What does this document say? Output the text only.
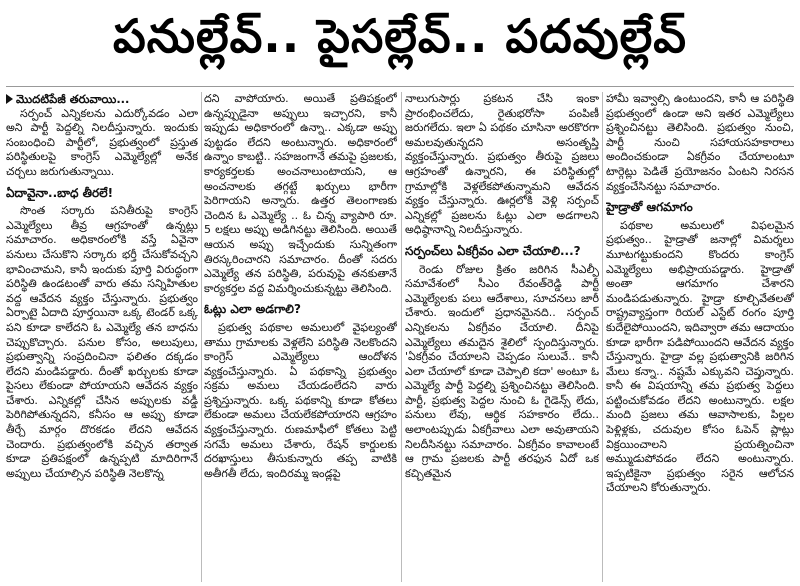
పనుల్లేవ్.. పైసల్లేవ్.. పదవుల్లేవ్
మొదటిపేజీ తరువాయి...

సర్పంచ్ ఎన్నికలను ఎదుర్కోవడం ఎలా అని పార్టీ పెద్దల్ని నిలదీస్తున్నారు. ఇందుకు సంబంధించి పార్టీలో, ప్రభుత్వంలో ప్రస్తుత పరిస్థితులపై కాంగ్రెస్ ఎమ్మెల్యేల్లో అనేక చర్చలు జరుగుతున్నాయి.

ఏదావైనా..బాధ తీరలే!

సొంత సర్కారు పనితీరుపై కాంగ్రెస్ ఎమ్మెల్యేలు తీవ్ర ఆగ్రహంతో ఉన్నట్లు సమాచారం. అధికారంలోకి వస్తే ఏవైనా పనులు చేసుకొని సర్కారు భర్తీ చేసుకోవచ్చని భావించామని, కానీ ఇందుకు పూర్తి విరుద్ధంగా పరిస్థితి ఉండటంతో వారు తమ సన్నిహితుల వద్ద ఆవేదన వ్యక్తం చేస్తున్నారు. ప్రభుత్వం ఏర్పాటై ఏదాది పూర్తయినా ఒక్క టెండర్ ఒక్క పని కూడా కాలేదని ఓ ఎమ్మెల్యే తన బాధను చెప్పుకొచ్చారు. పనుల కోసం, అలుపులు, ప్రభుత్వాన్ని సంప్రదించినా ఫలితం దక్కడం లేదని మండిపడ్డారు. దీంతో ఖర్చులకు కూడా పైసలు లేకుండా పోయాయని ఆవేదన వ్యక్తం చేశారు. ఎన్నికల్లో చేసిన అప్పులకు వడ్డీ పెరిగిపోతున్నదని, కనీసం ఆ అప్పు కూడా తీర్చే మార్గం దొరకడం లేదని ఆవేదన చెందారు. ప్రభుత్వంలోకి వచ్చిన తర్వాత కూడా ప్రతిపక్షంలో ఉన్నప్పటి మాదిరిగానే అప్పులు చేయాల్సిన పరిస్థితి నెలకొన్న

దని వాపోయారు. అయితే ప్రతిపక్షంలో ఉన్నప్పుడైనా అప్పులు ఇచ్చారని, కానీ ఇప్పుడు అధికారంలో ఉన్నా.. ఎక్కడా అప్పు పుట్టడం లేదని అంటున్నారు. అధికారంలో ఉన్నాం కాబట్టి.. సహజంగానే తమపై ప్రజలకు, కార్యకర్తలకు అంచనాలుంటాయని, ఆ అంచనాలకు తగ్గట్టే ఖర్చులు భారీగా పెరిగాయని అన్నారు. ఉత్తర తెలంగాణకు చెందిన ఓ ఎమ్మెల్యే .. ఓ చిన్న వ్యాపారి రూ. 5 లక్షలు అప్పు అడిగినట్టు తెలిసింది. అయితే ఆయన అప్పు ఇచ్చేందుకు సున్నితంగా తిరస్కరించారని సమాచారం. దీంతో సదరు ఎమ్మెల్యే తన పరిస్థితి, పరువుపై తనకుతానే కార్యకర్తల వద్ద విమర్శించుకున్నట్టు తెలిసింది.

ఓట్లు ఎలా అడగాలి?

ప్రభుత్వ పథకాల అమలులో వైఫల్యంతో తాము గ్రామాలకు వెళ్లలేని పరిస్థితి నెలకొందని కాంగ్రెస్ ఎమ్మెల్యేలు ఆందోళన వ్యక్తంచేస్తున్నారు. ఏ పథకాన్ని ప్రభుత్వం సక్రమ అమలు చేయడంలేదని వారు ప్రశ్నిస్తున్నారు. ఒక్క పథకాన్ని కూడా కోతలు లేకుండా అమలు చేయలేకపోయారని ఆగ్రహం వ్యక్తంచేస్తున్నారు. రుణమాఫీలో కోతలు పెట్టి సగమే అమలు చేశారు, రేషన్ కార్డులకు దరఖాస్తులు తీసుకున్నారు తప్ప వాటికి అతీగతీ లేదు, ఇందిరమ్మ ఇండ్లపై

నాలుగుసార్లు ప్రకటన చేసి ఇంకా ప్రారంభించలేదు, రైతుభరోసా పంపిణీ జరుగలేదు. ఇలా ఏ పథకం చూసినా అరకొరగా అమలవుతున్నదని అసంతృప్తి వ్యక్తంచేస్తున్నారు. ప్రభుత్వం తీరుపై ప్రజలు ఆగ్రహంతో ఉన్నారని, ఈ పరిస్థితుల్లో గ్రామాల్లోకి వెళ్లలేకపోతున్నామని ఆవేదన వ్యక్తం చేస్తున్నారు. ఊర్లలోకి వెళ్లి సర్పంచ్ ఎన్నికల్లో ప్రజలను ఓట్లు ఎలా అడగాలని అధిష్ఠానాన్ని నిలదీస్తున్నారు.

సర్పంచ్‌లు ఏకగ్రీవం ఎలా చేయాలి...?

రెండు రోజుల క్రితం జరిగిన సీఎల్పీ సమావేశంలో సీఎం రేవంత్‌రెడ్డి పార్టీ ఎమ్మెల్యేలకు పలు ఆదేశాలు, సూచనలు జారీ చేశారు. ఇందులో ప్రధానమైనది.. సర్పంచ్ ఎన్నికలను ఏకగ్రీవం చేయాలి. దీనిపై ఎమ్మెల్యేలు తమదైన శైలిలో స్పందిస్తున్నారు. 'ఏకగ్రీవం చేయాలని చెప్పడం సులువే.. కానీ ఎలా చేయాలో కూడా చెప్పాలి కదా' అంటూ ఓ ఎమ్మెల్యే పార్టీ పెద్దల్ని ప్రశ్నించినట్టు తెలిసింది. పార్టీ, ప్రభుత్వ పెద్దల నుంచి ఓ గైడెన్స్ లేదు, పనులు లేవు, ఆర్థిక సహకారం లేదు.. అలాంటప్పుడు ఏకగ్రీవాలు ఎలా అవుతాయని నిలదీసినట్టు సమాచారం. ఏకగ్రీవం కావాలంటే ఆ గ్రామ ప్రజలకు పార్టీ తరఫున ఏదో ఒక కచ్చితమైన

హామీ ఇవ్వాల్సి ఉంటుందని, కానీ ఆ పరిస్థితి ప్రభుత్వంలో ఉండా అని ఇతర ఎమ్మెల్యేలు ప్రశ్నించినట్టు తెలిసింది. ప్రభుత్వం నుంచి, పార్టీ నుంచి సహాయసహకారాలు అందించకుండా ఏకగ్రీవం చేయాలంటూ టార్గెట్లు పెడితే ప్రయోజనం ఏంటని నిరసన వ్యక్తంచేసినట్టు సమాచారం.

హైడ్రాతో ఆగమాగం

పథకాల అమలులో విఫలమైన ప్రభుత్వం.. హైడ్రాతో జనాల్లో విమర్శలు మూటగట్టుకుందని కొందరు కాంగ్రెస్ ఎమ్మెల్యేలు అభిప్రాయపడ్డారు. హైడ్రాతో అంతా ఆగమాగం చేశారని మండిపడుతున్నారు. హైడ్రా కూల్చివేతలతో రాష్ట్రవ్యాప్తంగా రియల్ ఎస్టేట్ రంగం పూర్తి కుదేలైపోయిందని, ఇదివ్వారా తమ ఆదాయం కూడా భారీగా పడిపోయిందని ఆవేదన వ్యక్తం చేస్తున్నారు. హైడ్రా వల్ల ప్రభుత్వానికి జరిగిన మేలు కన్నా.. నష్టమే ఎక్కువని చెప్తున్నారు. కానీ ఈ విషయాన్ని తమ ప్రభుత్వ పెద్దలు పట్టించుకోవడం లేదని అంటున్నారు. లక్షల మంది ప్రజలు తమ ఆవాసాలకు, పిల్లల పెళ్లిళ్లకు, చదువుల కోసం ఓపెన్ ప్లాట్లు విక్రయించాలని ప్రయత్నించినా అమ్ముడుపోవడం లేదని అంటున్నారు. ఇప్పటికైనా ప్రభుత్వం సరైన ఆలోచన చేయాలని కోరుతున్నారు.
